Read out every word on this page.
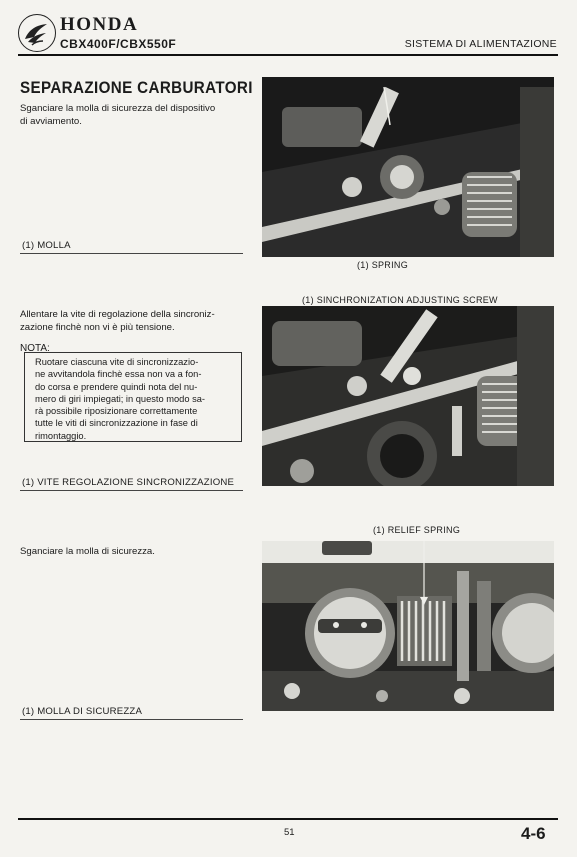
HONDA
CBX400F/CBX550F	SISTEMA DI ALIMENTAZIONE
SEPARAZIONE CARBURATORI
Sganciare la molla di sicurezza del dispositivo
di avviamento.
(1) MOLLA
(1) SPRING
(1) SINCHRONIZATION ADJUSTING SCREW
Allentare la vite di regolazione della sincroniz-
zazione finchè non vi è più tensione.
NOTA:
Ruotare ciascuna vite di sincronizzazio-
ne avvitandola finchè essa non va a fon-
do corsa e prendere quindi nota del nu-
mero di giri impiegati; in questo modo sa-
rà possibile riposizionare correttamente
tutte le viti di sincronizzazione in fase di
rimontaggio.
(1) VITE REGOLAZIONE SINCRONIZZAZIONE
(1) RELIEF SPRING
Sganciare la molla di sicurezza.
(1) MOLLA DI SICUREZZA
51	4-6
